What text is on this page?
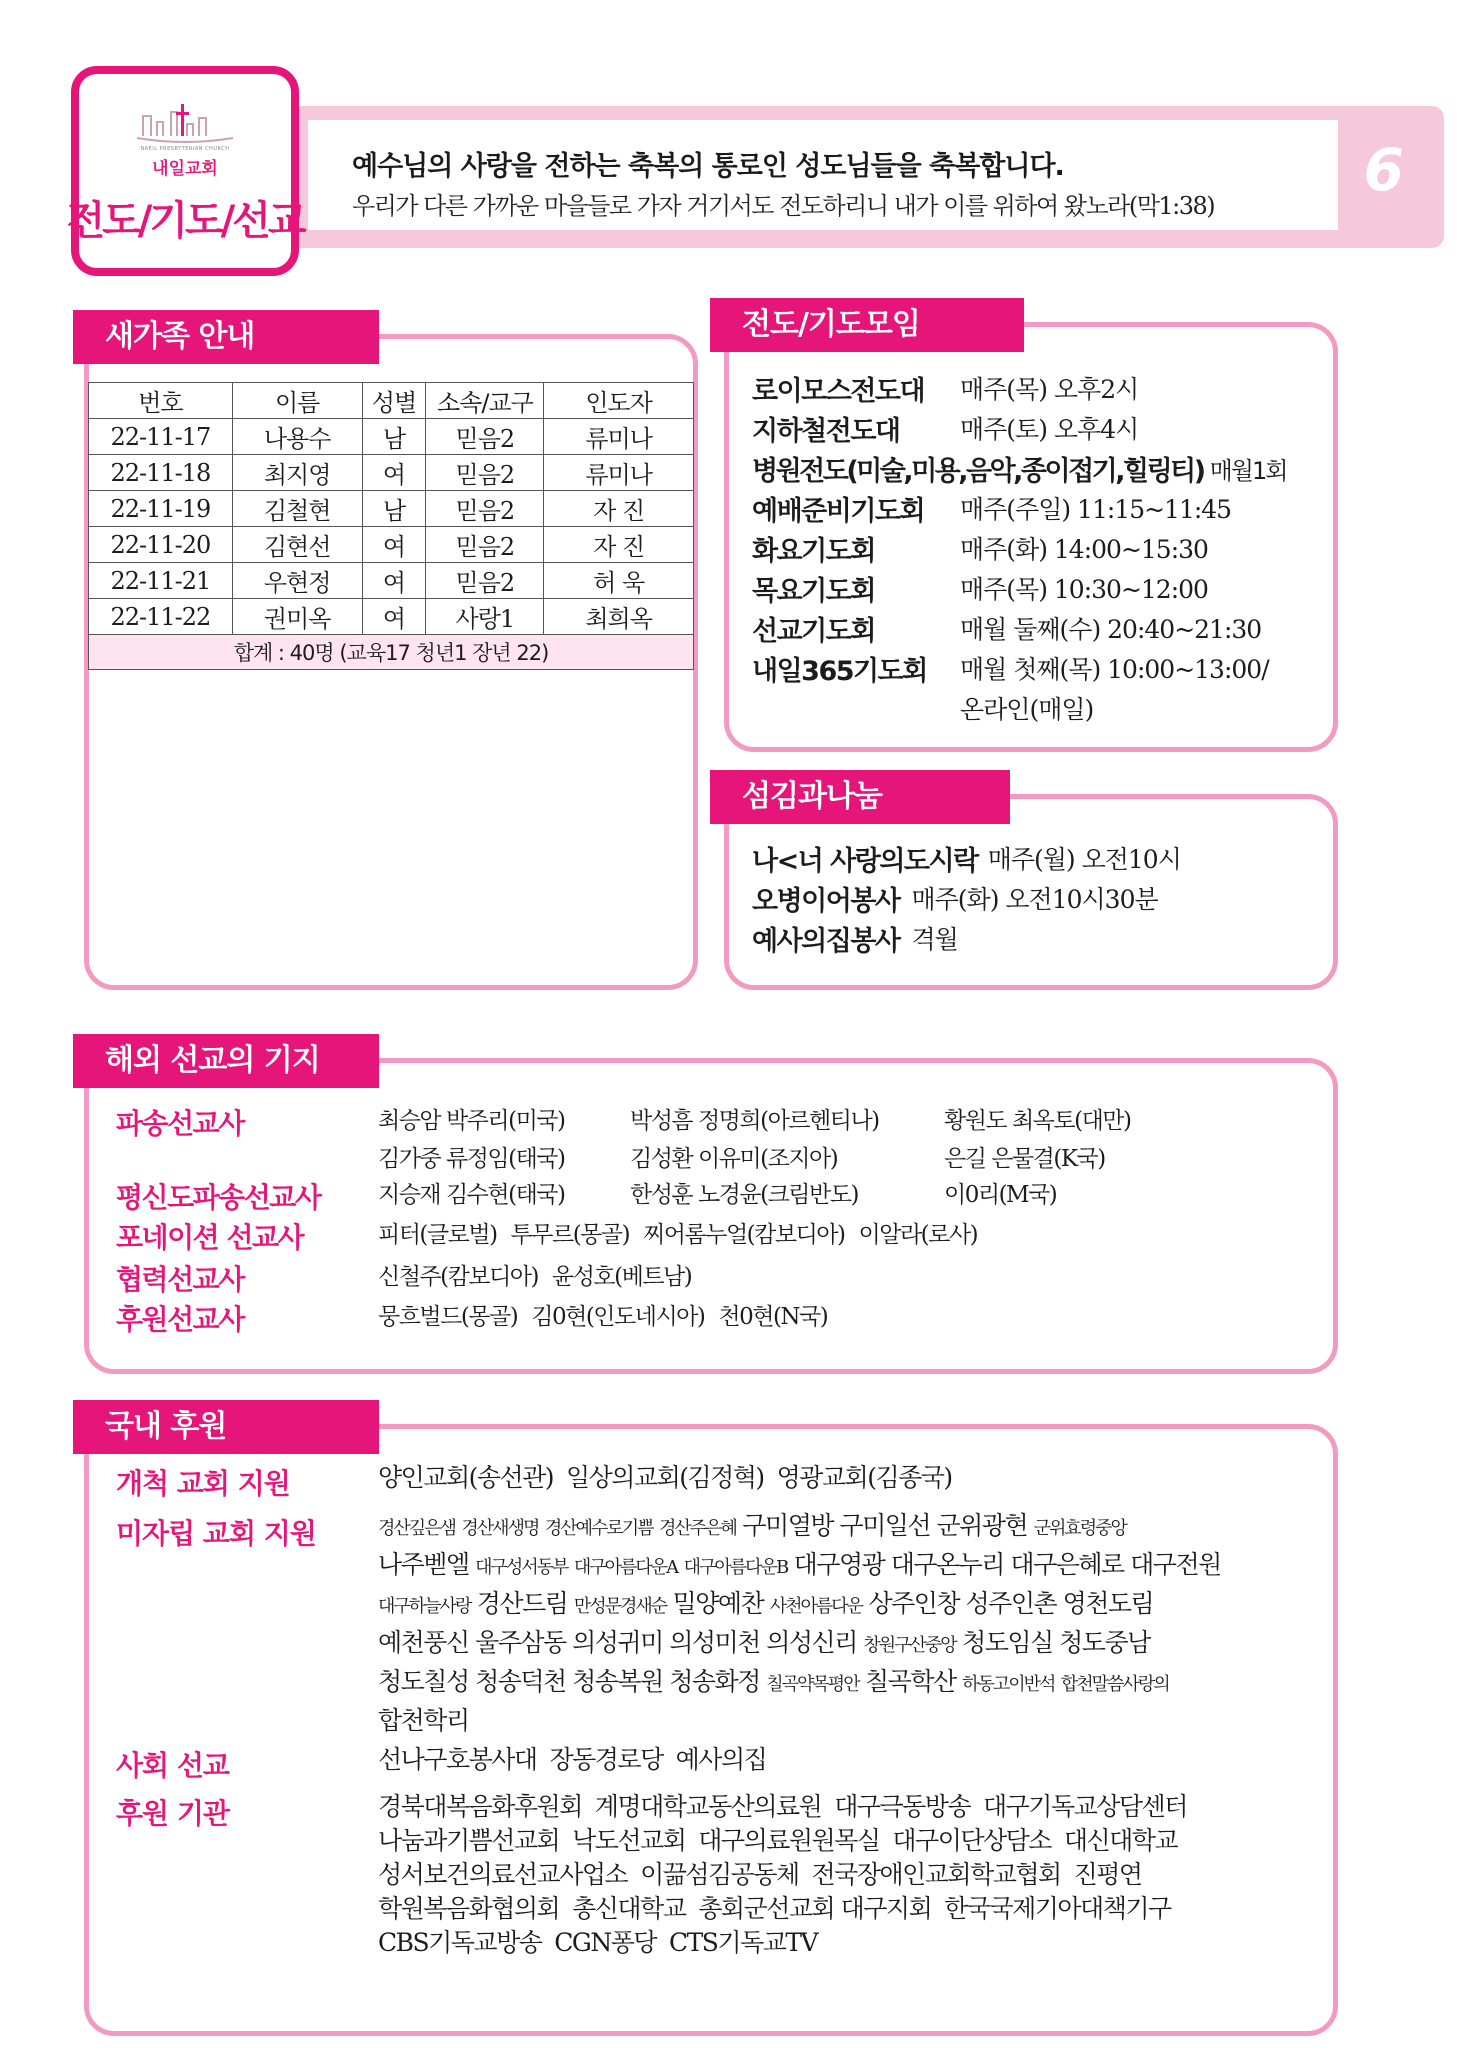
NAEIL PRESBYTERIAN CHURCH
내일교회
전도/기도/선교
예수님의 사랑을 전하는 축복의 통로인 성도님들을 축복합니다.
우리가 다른 가까운 마을들로 가자 거기서도 전도하리니 내가 이를 위하여 왔노라(막1:38)
6
새가족 안내
번호	이름	성별	소속/교구	인도자
22-11-17	나용수	남	믿음2	류미나
22-11-18	최지영	여	믿음2	류미나
22-11-19	김철현	남	믿음2	자 진
22-11-20	김현선	여	믿음2	자 진
22-11-21	우현정	여	믿음2	허 욱
22-11-22	권미옥	여	사랑1	최희옥
합계 : 40명 (교육17 청년1 장년 22)				
전도/기도모임
로이모스전도대	매주(목) 오후2시
지하철전도대	매주(토) 오후4시
병원전도(미술,미용,음악,종이접기,힐링티) 매월1회
예배준비기도회	매주(주일) 11:15~11:45
화요기도회	매주(화) 14:00~15:30
목요기도회	매주(목) 10:30~12:00
선교기도회	매월 둘째(수) 20:40~21:30
내일365기도회	매월 첫째(목) 10:00~13:00/
온라인(매일)
섬김과나눔
나<너 사랑의도시락 매주(월) 오전10시
오병이어봉사 매주(화) 오전10시30분
예사의집봉사 격월
해외 선교의 기지
파송선교사	최승암 박주리(미국)	박성흠 정명희(아르헨티나)	황원도 최옥토(대만)
김가중 류정임(태국)	김성환 이유미(조지아)	은길 은물결(K국)
평신도파송선교사	지승재 김수현(태국)	한성훈 노경윤(크림반도)	이0리(M국)
포네이션 선교사	피터(글로벌) 투무르(몽골) 찌어롬누얼(캄보디아) 이알라(로사)
협력선교사	신철주(캄보디아) 윤성호(베트남)
후원선교사	뭉흐벌드(몽골) 김0현(인도네시아) 천0현(N국)
국내 후원
개척 교회 지원	양인교회(송선관) 일상의교회(김정혁) 영광교회(김종국)
미자립 교회 지원	경산깊은샘 경산새생명 경산예수로기쁨 경산주은혜 구미열방 구미일선 군위광현 군위효령중앙
나주벧엘 대구성서동부 대구아름다운A 대구아름다운B 대구영광 대구온누리 대구은혜로 대구전원
대구하늘사랑 경산드림 만성문경새순 밀양예찬 사천아름다운 상주인창 성주인촌 영천도림
예천풍신 울주삼동 의성귀미 의성미천 의성신리 창원구산중앙 청도임실 청도중남
청도칠성 청송덕천 청송복원 청송화정 칠곡약목평안 칠곡학산 하동고이반석 합천말씀사랑의
합천학리
사회 선교	선나구호봉사대 장동경로당 예사의집
후원 기관	경북대복음화후원회 계명대학교동산의료원 대구극동방송 대구기독교상담센터
나눔과기쁨선교회 낙도선교회 대구의료원원목실 대구이단상담소 대신대학교
성서보건의료선교사업소 이끎섬김공동체 전국장애인교회학교협회 진평연
학원복음화협의회 총신대학교 총회군선교회 대구지회 한국국제기아대책기구
CBS기독교방송 CGN퐁당 CTS기독교TV
